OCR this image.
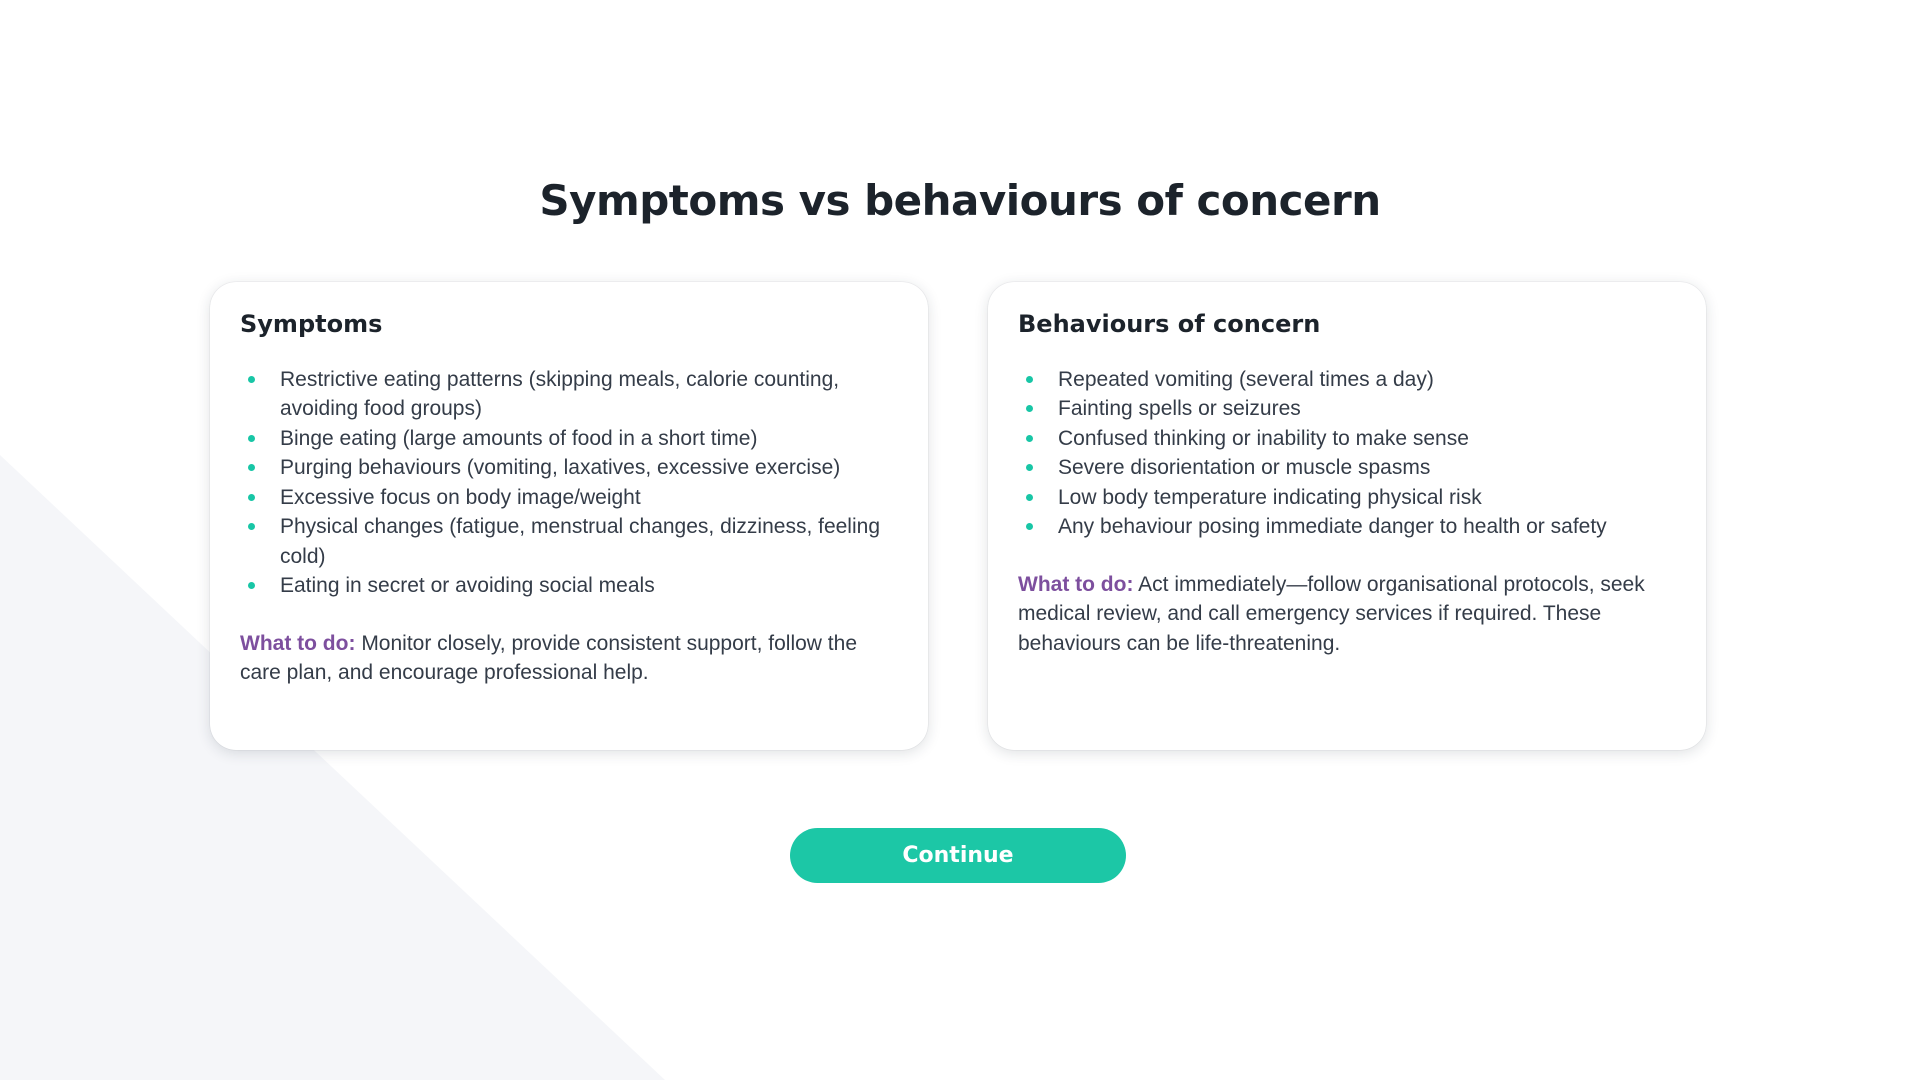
Symptoms vs behaviours of concern
Symptoms
Restrictive eating patterns (skipping meals, calorie counting, avoiding food groups)
Binge eating (large amounts of food in a short time)
Purging behaviours (vomiting, laxatives, excessive exercise)
Excessive focus on body image/weight
Physical changes (fatigue, menstrual changes, dizziness, feeling cold)
Eating in secret or avoiding social meals

What to do: Monitor closely, provide consistent support, follow the care plan, and encourage professional help.

Behaviours of concern
Repeated vomiting (several times a day)
Fainting spells or seizures
Confused thinking or inability to make sense
Severe disorientation or muscle spasms
Low body temperature indicating physical risk
Any behaviour posing immediate danger to health or safety

What to do: Act immediately—follow organisational protocols, seek medical review, and call emergency services if required. These behaviours can be life-threatening.

Continue
